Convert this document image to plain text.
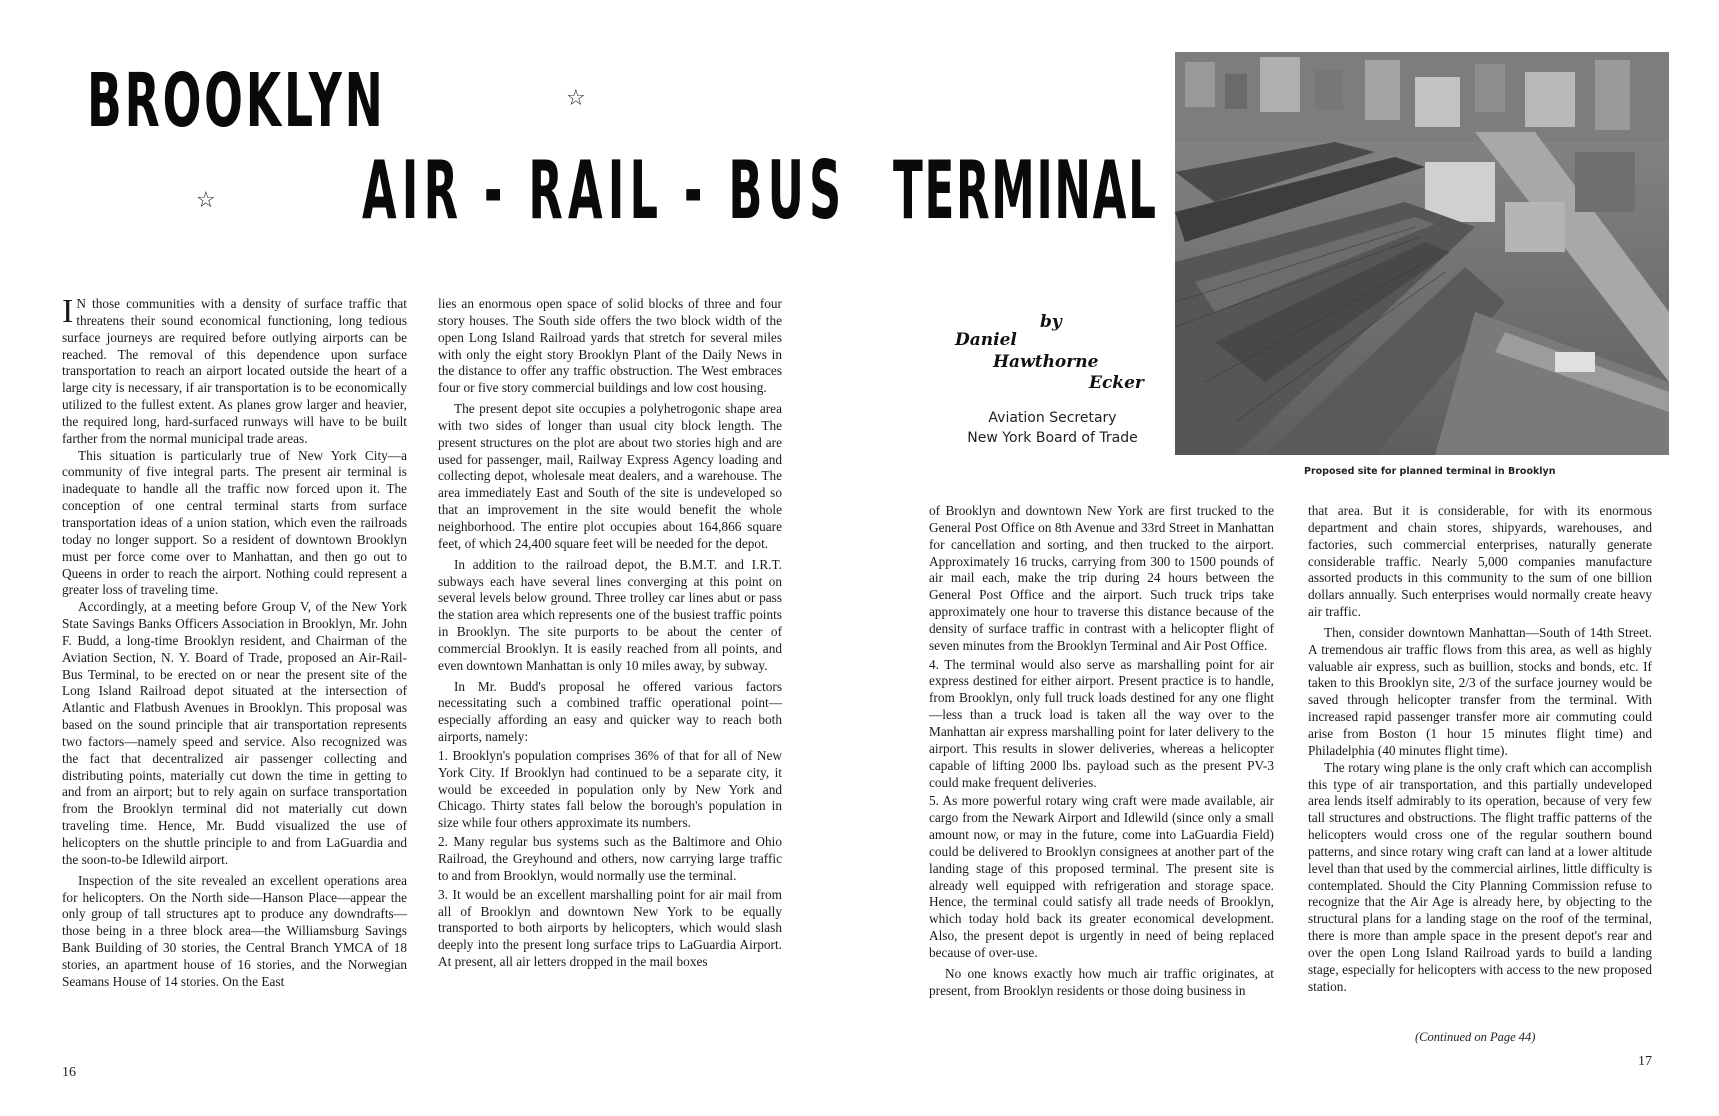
BROOKLYN	☆
☆	AIR - RAIL - BUS TERMINAL
by
Daniel
Hawthorne
Ecker
Aviation Secretary
New York Board of Trade
Proposed site for planned terminal in Brooklyn

I N those communities with a density of surface traffic that threatens their sound economical functioning, long tedious surface journeys are required before outlying airports can be reached. The removal of this dependence upon surface transportation to reach an airport located outside the heart of a large city is necessary, if air transportation is to be economically utilized to the fullest extent. As planes grow larger and heavier, the required long, hard-surfaced runways will have to be built farther from the normal municipal trade areas.

This situation is particularly true of New York City—a community of five integral parts. The present air terminal is inadequate to handle all the traffic now forced upon it. The conception of one central terminal starts from surface transportation ideas of a union station, which even the railroads today no longer support. So a resident of downtown Brooklyn must per force come over to Manhattan, and then go out to Queens in order to reach the airport. Nothing could represent a greater loss of traveling time.

Accordingly, at a meeting before Group V, of the New York State Savings Banks Officers Association in Brooklyn, Mr. John F. Budd, a long-time Brooklyn resident, and Chairman of the Aviation Section, N. Y. Board of Trade, proposed an Air-Rail-Bus Terminal, to be erected on or near the present site of the Long Island Railroad depot situated at the intersection of Atlantic and Flatbush Avenues in Brooklyn. This proposal was based on the sound principle that air transportation represents two factors—namely speed and service. Also recognized was the fact that decentralized air passenger collecting and distributing points, materially cut down the time in getting to and from an airport; but to rely again on surface transportation from the Brooklyn terminal did not materially cut down traveling time. Hence, Mr. Budd visualized the use of helicopters on the shuttle principle to and from LaGuardia and the soon-to-be Idlewild airport.

Inspection of the site revealed an excellent operations area for helicopters. On the North side—Hanson Place—appear the only group of tall structures apt to produce any downdrafts—those being in a three block area—the Williamsburg Savings Bank Building of 30 stories, the Central Branch YMCA of 18 stories, an apartment house of 16 stories, and the Norwegian Seamans House of 14 stories. On the East

lies an enormous open space of solid blocks of three and four story houses. The South side offers the two block width of the open Long Island Railroad yards that stretch for several miles with only the eight story Brooklyn Plant of the Daily News in the distance to offer any traffic obstruction. The West embraces four or five story commercial buildings and low cost housing.

The present depot site occupies a polyhetrogonic shape area with two sides of longer than usual city block length. The present structures on the plot are about two stories high and are used for passenger, mail, Railway Express Agency loading and collecting depot, wholesale meat dealers, and a warehouse. The area immediately East and South of the site is undeveloped so that an improvement in the site would benefit the whole neighborhood. The entire plot occupies about 164,866 square feet, of which 24,400 square feet will be needed for the depot.

In addition to the railroad depot, the B.M.T. and I.R.T. subways each have several lines converging at this point on several levels below ground. Three trolley car lines abut or pass the station area which represents one of the busiest traffic points in Brooklyn. The site purports to be about the center of commercial Brooklyn. It is easily reached from all points, and even downtown Manhattan is only 10 miles away, by subway.

In Mr. Budd's proposal he offered various factors necessitating such a combined traffic operational point—especially affording an easy and quicker way to reach both airports, namely:

1. Brooklyn's population comprises 36% of that for all of New York City. If Brooklyn had continued to be a separate city, it would be exceeded in population only by New York and Chicago. Thirty states fall below the borough's population in size while four others approximate its numbers.

2. Many regular bus systems such as the Baltimore and Ohio Railroad, the Greyhound and others, now carrying large traffic to and from Brooklyn, would normally use the terminal.

3. It would be an excellent marshalling point for air mail from all of Brooklyn and downtown New York to be equally transported to both airports by helicopters, which would slash deeply into the present long surface trips to LaGuardia Airport. At present, all air letters dropped in the mail boxes

of Brooklyn and downtown New York are first trucked to the General Post Office on 8th Avenue and 33rd Street in Manhattan for cancellation and sorting, and then trucked to the airport. Approximately 16 trucks, carrying from 300 to 1500 pounds of air mail each, make the trip during 24 hours between the General Post Office and the airport. Such truck trips take approximately one hour to traverse this distance because of the density of surface traffic in contrast with a helicopter flight of seven minutes from the Brooklyn Terminal and Air Post Office.

4. The terminal would also serve as marshalling point for air express destined for either airport. Present practice is to handle, from Brooklyn, only full truck loads destined for any one flight—less than a truck load is taken all the way over to the Manhattan air express marshalling point for later delivery to the airport. This results in slower deliveries, whereas a helicopter capable of lifting 2000 lbs. payload such as the present PV-3 could make frequent deliveries.

5. As more powerful rotary wing craft were made available, air cargo from the Newark Airport and Idlewild (since only a small amount now, or may in the future, come into LaGuardia Field) could be delivered to Brooklyn consignees at another part of the landing stage of this proposed terminal. The present site is already well equipped with refrigeration and storage space. Hence, the terminal could satisfy all trade needs of Brooklyn, which today hold back its greater economical development. Also, the present depot is urgently in need of being replaced because of over-use.

No one knows exactly how much air traffic originates, at present, from Brooklyn residents or those doing business in

that area. But it is considerable, for with its enormous department and chain stores, shipyards, warehouses, and factories, such commercial enterprises, naturally generate considerable traffic. Nearly 5,000 companies manufacture assorted products in this community to the sum of one billion dollars annually. Such enterprises would normally create heavy air traffic.

Then, consider downtown Manhattan—South of 14th Street. A tremendous air traffic flows from this area, as well as highly valuable air express, such as buillion, stocks and bonds, etc. If taken to this Brooklyn site, 2/3 of the surface journey would be saved through helicopter transfer from the terminal. With increased rapid passenger transfer more air commuting could arise from Boston (1 hour 15 minutes flight time) and Philadelphia (40 minutes flight time).

The rotary wing plane is the only craft which can accomplish this type of air transportation, and this partially undeveloped area lends itself admirably to its operation, because of very few tall structures and obstructions. The flight traffic patterns of the helicopters would cross one of the regular southern bound patterns, and since rotary wing craft can land at a lower altitude level than that used by the commercial airlines, little difficulty is contemplated. Should the City Planning Commission refuse to recognize that the Air Age is already here, by objecting to the structural plans for a landing stage on the roof of the terminal, there is more than ample space in the present depot's rear and over the open Long Island Railroad yards to build a landing stage, especially for helicopters with access to the new proposed station.

(Continued on Page 44)
16
17
